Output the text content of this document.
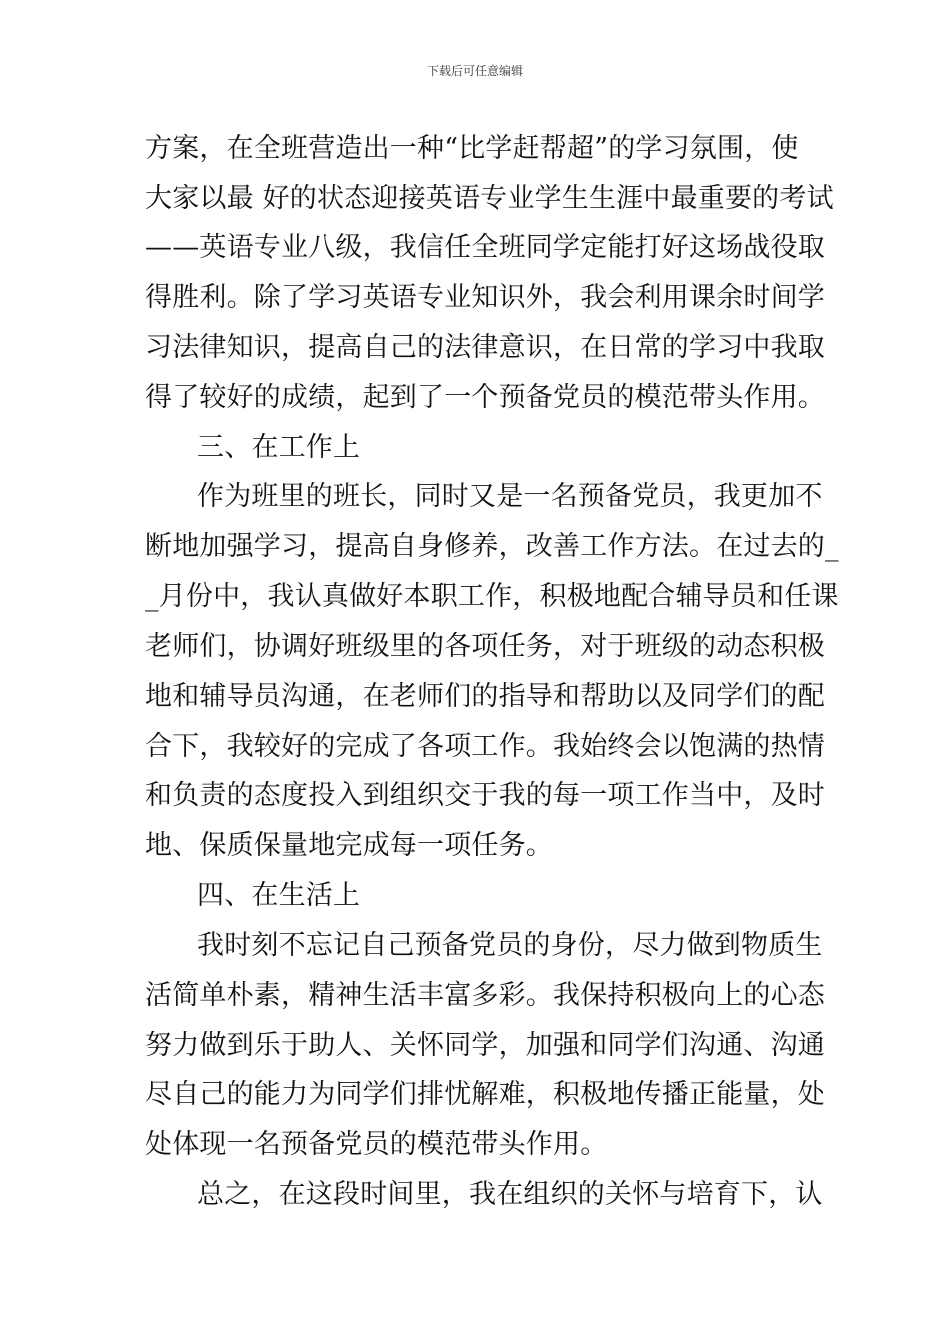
下载后可任意编辑
方案，在全班营造出一种“比学赶帮超”的学习氛围，使
大家以最 好的状态迎接英语专业学生生涯中最重要的考试
——英语专业八级，我信任全班同学定能打好这场战役取
得胜利。除了学习英语专业知识外，我会利用课余时间学
习法律知识，提高自己的法律意识，在日常的学习中我取
得了较好的成绩，起到了一个预备党员的模范带头作用。
三、在工作上
作为班里的班长，同时又是一名预备党员，我更加不
断地加强学习，提高自身修养，改善工作方法。在过去的_
_月份中，我认真做好本职工作，积极地配合辅导员和任课
老师们，协调好班级里的各项任务，对于班级的动态积极
地和辅导员沟通，在老师们的指导和帮助以及同学们的配
合下，我较好的完成了各项工作。我始终会以饱满的热情
和负责的态度投入到组织交于我的每一项工作当中，及时
地、保质保量地完成每一项任务。
四、在生活上
我时刻不忘记自己预备党员的身份，尽力做到物质生
活简单朴素，精神生活丰富多彩。我保持积极向上的心态
努力做到乐于助人、关怀同学，加强和同学们沟通、沟通
尽自己的能力为同学们排忧解难，积极地传播正能量，处
处体现一名预备党员的模范带头作用。
总之，在这段时间里，我在组织的关怀与培育下，认
